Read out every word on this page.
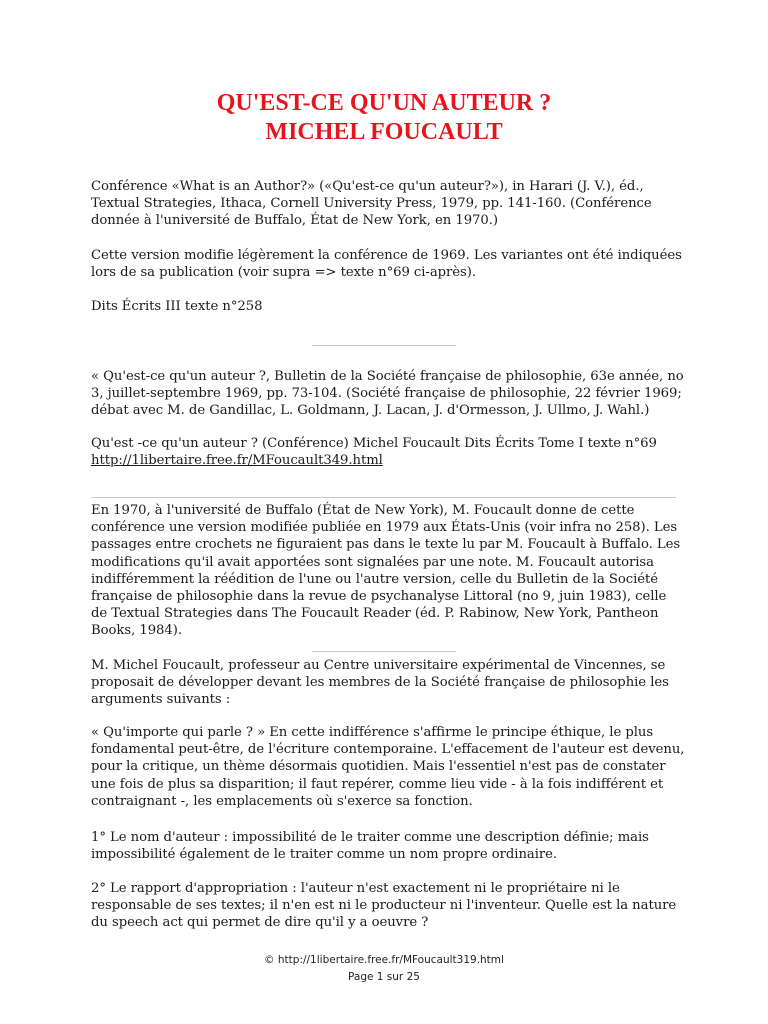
QU'EST-CE QU'UN AUTEUR ?
MICHEL FOUCAULT

Conférence «What is an Author?» («Qu'est-ce qu'un auteur?»), in Harari (J. V.), éd.,
Textual Strategies, Ithaca, Cornell University Press, 1979, pp. 141-160. (Conférence
donnée à l'université de Buffalo, État de New York, en 1970.)

Cette version modifie légèrement la conférence de 1969. Les variantes ont été indiquées
lors de sa publication (voir supra => texte n°69 ci-après).

Dits Écrits III texte n°258

« Qu'est-ce qu'un auteur ?, Bulletin de la Société française de philosophie, 63e année, no
3, juillet-septembre 1969, pp. 73-104. (Société française de philosophie, 22 février 1969;
débat avec M. de Gandillac, L. Goldmann, J. Lacan, J. d'Ormesson, J. Ullmo, J. Wahl.)

Qu'est -ce qu'un auteur ? (Conférence) Michel Foucault Dits Écrits Tome I texte n°69

http://1libertaire.free.fr/MFoucault349.html

En 1970, à l'université de Buffalo (État de New York), M. Foucault donne de cette
conférence une version modifiée publiée en 1979 aux États-Unis (voir infra no 258). Les
passages entre crochets ne figuraient pas dans le texte lu par M. Foucault à Buffalo. Les
modifications qu'il avait apportées sont signalées par une note. M. Foucault autorisa
indifféremment la réédition de l'une ou l'autre version, celle du Bulletin de la Société
française de philosophie dans la revue de psychanalyse Littoral (no 9, juin 1983), celle
de Textual Strategies dans The Foucault Reader (éd. P. Rabinow, New York, Pantheon
Books, 1984).

M. Michel Foucault, professeur au Centre universitaire expérimental de Vincennes, se
proposait de développer devant les membres de la Société française de philosophie les
arguments suivants :

« Qu'importe qui parle ? » En cette indifférence s'affirme le principe éthique, le plus
fondamental peut-être, de l'écriture contemporaine. L'effacement de l'auteur est devenu,
pour la critique, un thème désormais quotidien. Mais l'essentiel n'est pas de constater
une fois de plus sa disparition; il faut repérer, comme lieu vide - à la fois indifférent et
contraignant -, les emplacements où s'exerce sa fonction.

1° Le nom d'auteur : impossibilité de le traiter comme une description définie; mais
impossibilité également de le traiter comme un nom propre ordinaire.

2° Le rapport d'appropriation : l'auteur n'est exactement ni le propriétaire ni le
responsable de ses textes; il n'en est ni le producteur ni l'inventeur. Quelle est la nature
du speech act qui permet de dire qu'il y a oeuvre ?

© http://1libertaire.free.fr/MFoucault319.html
Page 1 sur 25
